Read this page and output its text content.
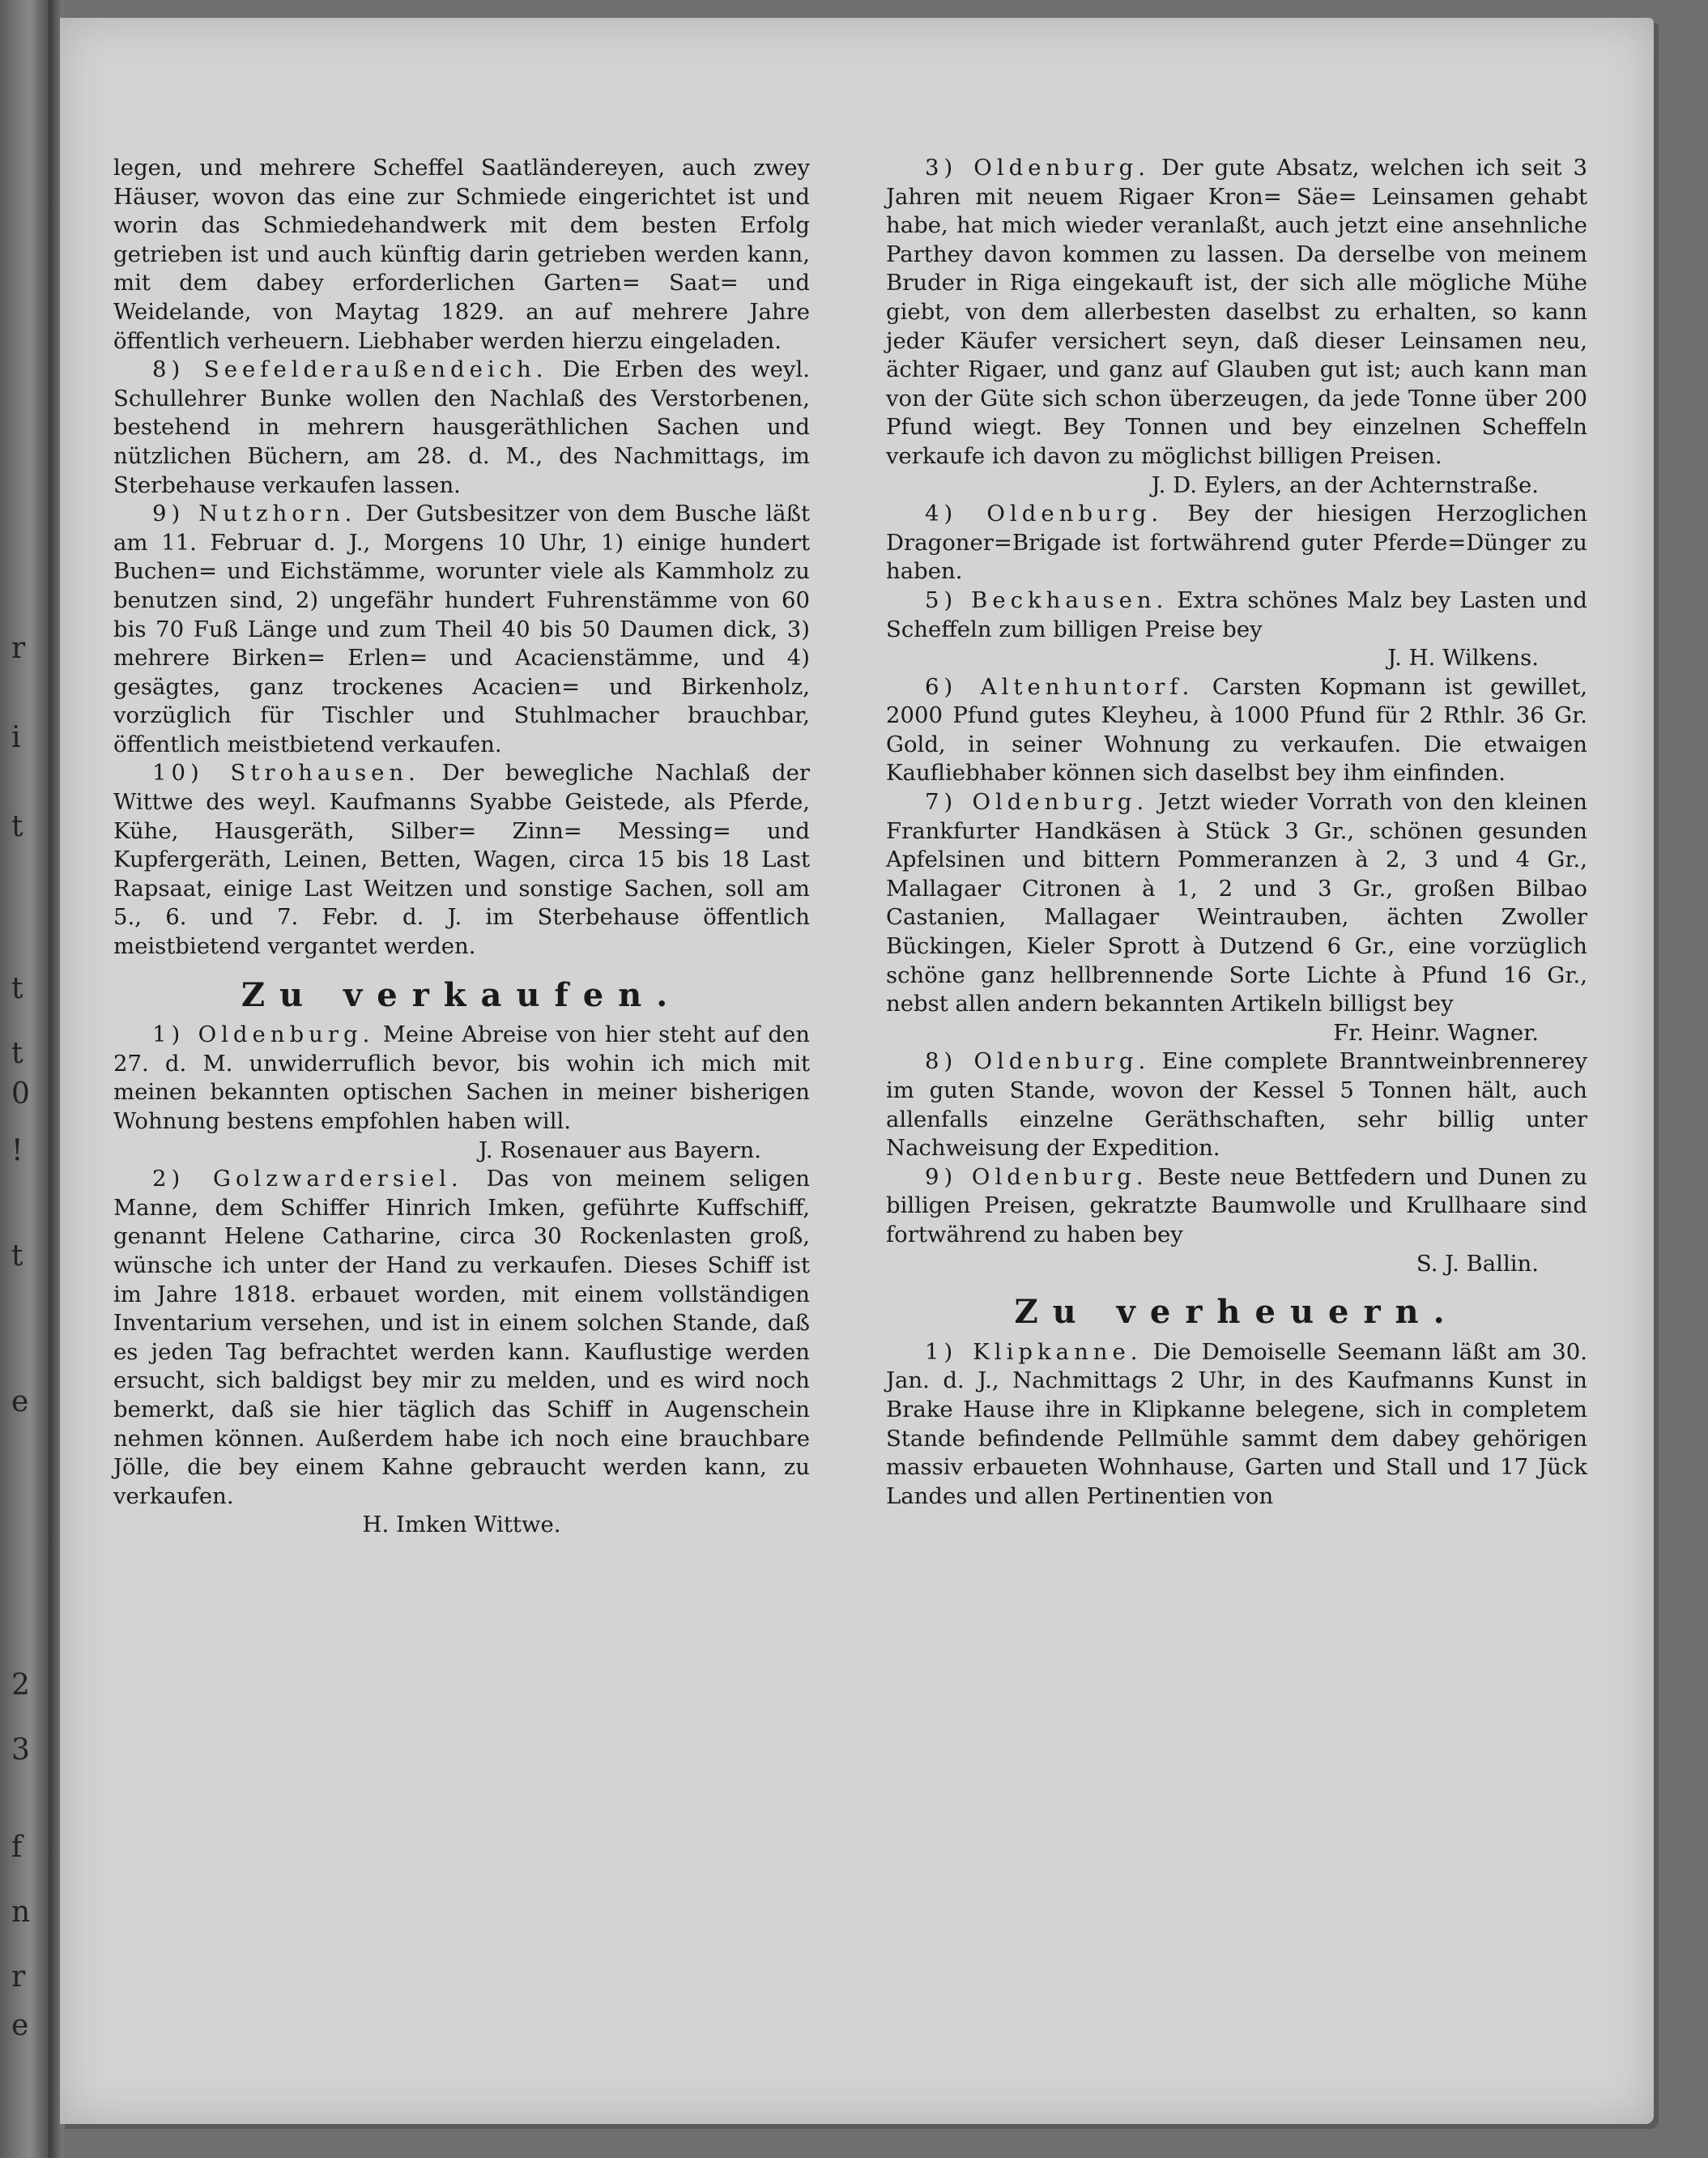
r
i
t
t
t
0
!
t
e
2
3
f
n
r
e

legen, und mehrere Scheffel Saatländereyen, auch zwey Häuser, wovon das eine zur Schmiede eingerichtet ist und worin das Schmiedehandwerk mit dem besten Erfolg getrieben ist und auch künftig darin getrieben werden kann, mit dem dabey erforderlichen Garten= Saat= und Weidelande, von Maytag 1829. an auf mehrere Jahre öffentlich verheuern. Liebhaber werden hierzu eingeladen.

8) Seefelderaußendeich. Die Erben des weyl. Schullehrer Bunke wollen den Nachlaß des Verstorbenen, bestehend in mehrern hausgeräthlichen Sachen und nützlichen Büchern, am 28. d. M., des Nachmittags, im Sterbehause verkaufen lassen.

9) Nutzhorn. Der Gutsbesitzer von dem Busche läßt am 11. Februar d. J., Morgens 10 Uhr, 1) einige hundert Buchen= und Eichstämme, worunter viele als Kammholz zu benutzen sind, 2) ungefähr hundert Fuhrenstämme von 60 bis 70 Fuß Länge und zum Theil 40 bis 50 Daumen dick, 3) mehrere Birken= Erlen= und Acacienstämme, und 4) gesägtes, ganz trockenes Acacien= und Birkenholz, vorzüglich für Tischler und Stuhlmacher brauchbar, öffentlich meistbietend verkaufen.

10) Strohausen. Der bewegliche Nachlaß der Wittwe des weyl. Kaufmanns Syabbe Geistede, als Pferde, Kühe, Hausgeräth, Silber= Zinn= Messing= und Kupfergeräth, Leinen, Betten, Wagen, circa 15 bis 18 Last Rapsaat, einige Last Weitzen und sonstige Sachen, soll am 5., 6. und 7. Febr. d. J. im Sterbehause öffentlich meistbietend vergantet werden.

Zu verkaufen.

1) Oldenburg. Meine Abreise von hier steht auf den 27. d. M. unwiderruflich bevor, bis wohin ich mich mit meinen bekannten optischen Sachen in meiner bisherigen Wohnung bestens empfohlen haben will.

J. Rosenauer aus Bayern.

2) Golzwardersiel. Das von meinem seligen Manne, dem Schiffer Hinrich Imken, geführte Kuffschiff, genannt Helene Catharine, circa 30 Rockenlasten groß, wünsche ich unter der Hand zu verkaufen. Dieses Schiff ist im Jahre 1818. erbauet worden, mit einem vollständigen Inventarium versehen, und ist in einem solchen Stande, daß es jeden Tag befrachtet werden kann. Kauflustige werden ersucht, sich baldigst bey mir zu melden, und es wird noch bemerkt, daß sie hier täglich das Schiff in Augenschein nehmen können. Außerdem habe ich noch eine brauchbare Jölle, die bey einem Kahne gebraucht werden kann, zu verkaufen.

H. Imken Wittwe.

3) Oldenburg. Der gute Absatz, welchen ich seit 3 Jahren mit neuem Rigaer Kron= Säe= Leinsamen gehabt habe, hat mich wieder veranlaßt, auch jetzt eine ansehnliche Parthey davon kommen zu lassen. Da derselbe von meinem Bruder in Riga eingekauft ist, der sich alle mögliche Mühe giebt, von dem allerbesten daselbst zu erhalten, so kann jeder Käufer versichert seyn, daß dieser Leinsamen neu, ächter Rigaer, und ganz auf Glauben gut ist; auch kann man von der Güte sich schon überzeugen, da jede Tonne über 200 Pfund wiegt. Bey Tonnen und bey einzelnen Scheffeln verkaufe ich davon zu möglichst billigen Preisen.

J. D. Eylers, an der Achternstraße.

4) Oldenburg. Bey der hiesigen Herzoglichen Dragoner=Brigade ist fortwährend guter Pferde=Dünger zu haben.

5) Beckhausen. Extra schönes Malz bey Lasten und Scheffeln zum billigen Preise bey

J. H. Wilkens.

6) Altenhuntorf. Carsten Kopmann ist gewillet, 2000 Pfund gutes Kleyheu, à 1000 Pfund für 2 Rthlr. 36 Gr. Gold, in seiner Wohnung zu verkaufen. Die etwaigen Kaufliebhaber können sich daselbst bey ihm einfinden.

7) Oldenburg. Jetzt wieder Vorrath von den kleinen Frankfurter Handkäsen à Stück 3 Gr., schönen gesunden Apfelsinen und bittern Pommeranzen à 2, 3 und 4 Gr., Mallagaer Citronen à 1, 2 und 3 Gr., großen Bilbao Castanien, Mallagaer Weintrauben, ächten Zwoller Bückingen, Kieler Sprott à Dutzend 6 Gr., eine vorzüglich schöne ganz hellbrennende Sorte Lichte à Pfund 16 Gr., nebst allen andern bekannten Artikeln billigst bey

Fr. Heinr. Wagner.

8) Oldenburg. Eine complete Branntweinbrennerey im guten Stande, wovon der Kessel 5 Tonnen hält, auch allenfalls einzelne Geräthschaften, sehr billig unter Nachweisung der Expedition.

9) Oldenburg. Beste neue Bettfedern und Dunen zu billigen Preisen, gekratzte Baumwolle und Krullhaare sind fortwährend zu haben bey

S. J. Ballin.

Zu verheuern.

1) Klipkanne. Die Demoiselle Seemann läßt am 30. Jan. d. J., Nachmittags 2 Uhr, in des Kaufmanns Kunst in Brake Hause ihre in Klipkanne belegene, sich in completem Stande befindende Pellmühle sammt dem dabey gehörigen massiv erbaueten Wohnhause, Garten und Stall und 17 Jück Landes und allen Pertinentien von
